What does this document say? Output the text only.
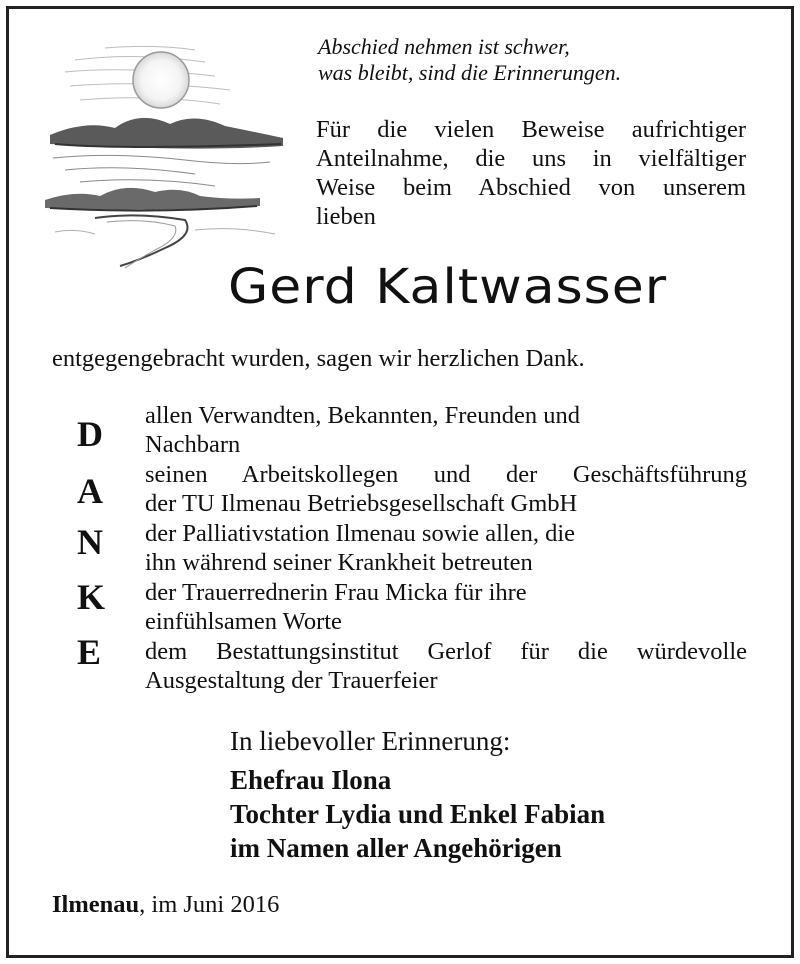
Abschied nehmen ist schwer,
was bleibt, sind die Erinnerungen.
Für die vielen Beweise aufrichtiger
Anteilnahme, die uns in vielfältiger
Weise beim Abschied von unserem
lieben
Gerd Kaltwasser
entgegengebracht wurden, sagen wir herzlichen Dank.
D
A
N
K
E
allen Verwandten, Bekannten, Freunden und
Nachbarn
seinen Arbeitskollegen und der Geschäftsführung
der TU Ilmenau Betriebsgesellschaft GmbH
der Palliativstation Ilmenau sowie allen, die
ihn während seiner Krankheit betreuten
der Trauerrednerin Frau Micka für ihre
einfühlsamen Worte
dem Bestattungsinstitut Gerlof für die würdevolle
Ausgestaltung der Trauerfeier
In liebevoller Erinnerung:
Ehefrau Ilona
Tochter Lydia und Enkel Fabian
im Namen aller Angehörigen
Ilmenau, im Juni 2016
